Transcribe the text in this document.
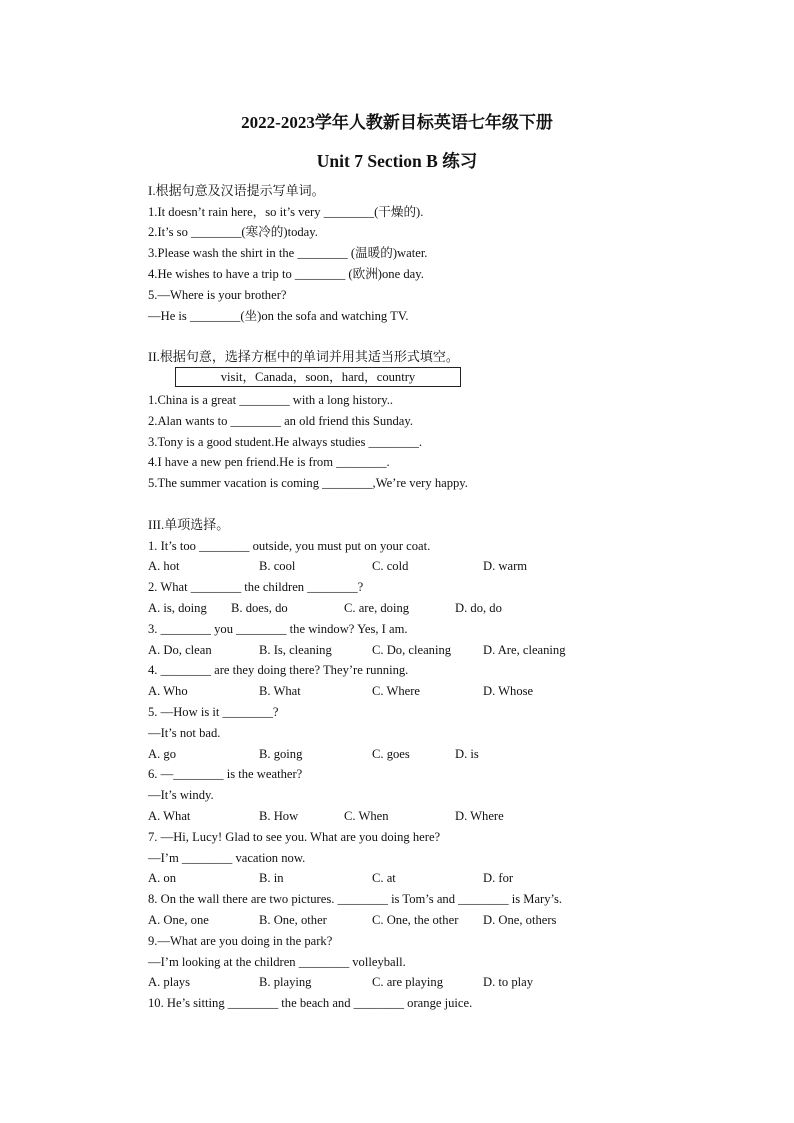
2022-2023学年人教新目标英语七年级下册
Unit 7 Section B 练习
I.根据句意及汉语提示写单词。
1.It doesn’t rain here，so it’s very ________(干燥的).
2.It’s so ________(寒冷的)today.
3.Please wash the shirt in the ________ (温暖的)water.
4.He wishes to have a trip to ________ (欧洲)one day.
5.—Where is your brother?
—He is ________(坐)on the sofa and watching TV.
II.根据句意，选择方框中的单词并用其适当形式填空。
visit，Canada，soon，hard，country
1.China is a great ________ with a long history..
2.Alan wants to ________ an old friend this Sunday.
3.Tony is a good student.He always studies ________.
4.I have a new pen friend.He is from ________.
5.The summer vacation is coming ________,We’re very happy.
III.单项选择。
1. It’s too ________ outside, you must put on your coat.
A. hot	B. cool	C. cold	D. warm
2. What ________ the children ________?
A. is, doing B. does, do	C. are, doing	D. do, do
3. ________ you ________ the window? Yes, I am.
A. Do, clean	B. Is, cleaning	C. Do, cleaning	D. Are, cleaning
4. ________ are they doing there? They’re running.
A. Who	B. What	C. Where	D. Whose
5. —How is it ________?
—It’s not bad.
A. go	B. going	C. goes	D. is
6. —________ is the weather?
—It’s windy.
A. What	B. How	C. When	D. Where
7. —Hi, Lucy! Glad to see you. What are you doing here?
—I’m ________ vacation now.
A. on	B. in	C. at	D. for
8. On the wall there are two pictures. ________ is Tom’s and ________ is Mary’s.
A. One, one	B. One, other	C. One, the other D. One, others
9.—What are you doing in the park?
—I’m looking at the children ________ volleyball.
A. plays	B. playing	C. are playing	D. to play
10. He’s sitting ________ the beach and ________ orange juice.
